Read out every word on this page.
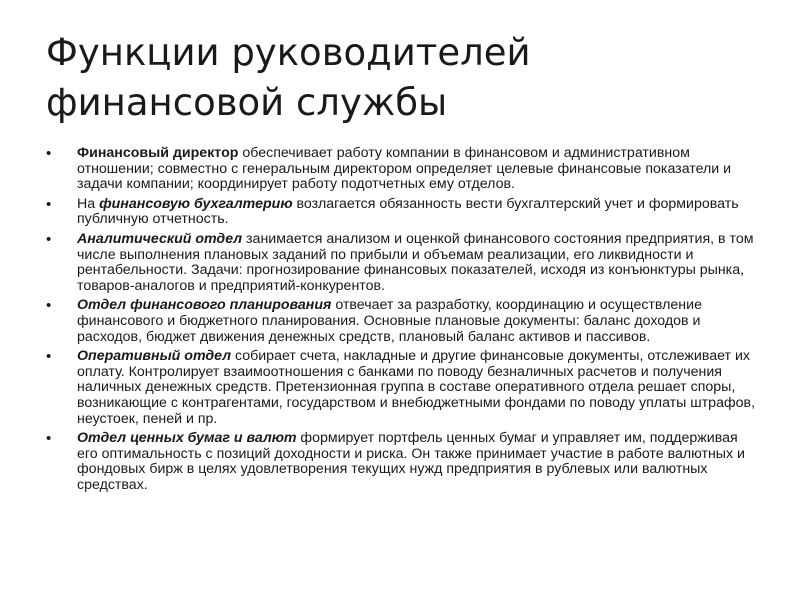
Функции руководителей финансовой службы
• Финансовый директор обеспечивает работу компании в финансовом и административном отношении; совместно с генеральным директором определяет целевые финансовые показатели и задачи компании; координирует работу подотчетных ему отделов.
• На финансовую бухгалтерию возлагается обязанность вести бухгалтерский учет и формировать публичную отчетность.
• Аналитический отдел занимается анализом и оценкой финансового состояния предприятия, в том числе выполнения плановых заданий по прибыли и объемам реализации, его ликвидности и рентабельности. Задачи: прогнозирование финансовых показателей, исходя из конъюнктуры рынка, товаров-аналогов и предприятий-конкурентов.
• Отдел финансового планирования отвечает за разработку, координацию и осуществление финансового и бюджетного планирования. Основные плановые документы: баланс доходов и расходов, бюджет движения денежных средств, плановый баланс активов и пассивов.
• Оперативный отдел собирает счета, накладные и другие финансовые документы, отслеживает их оплату. Контролирует взаимоотношения с банками по поводу безналичных расчетов и получения наличных денежных средств. Претензионная группа в составе оперативного отдела решает споры, возникающие с контрагентами, государством и внебюджетными фондами по поводу уплаты штрафов, неустоек, пеней и пр.
• Отдел ценных бумаг и валют формирует портфель ценных бумаг и управляет им, поддерживая его оптимальность с позиций доходности и риска. Он также принимает участие в работе валютных и фондовых бирж в целях удовлетворения текущих нужд предприятия в рублевых или валютных средствах.
